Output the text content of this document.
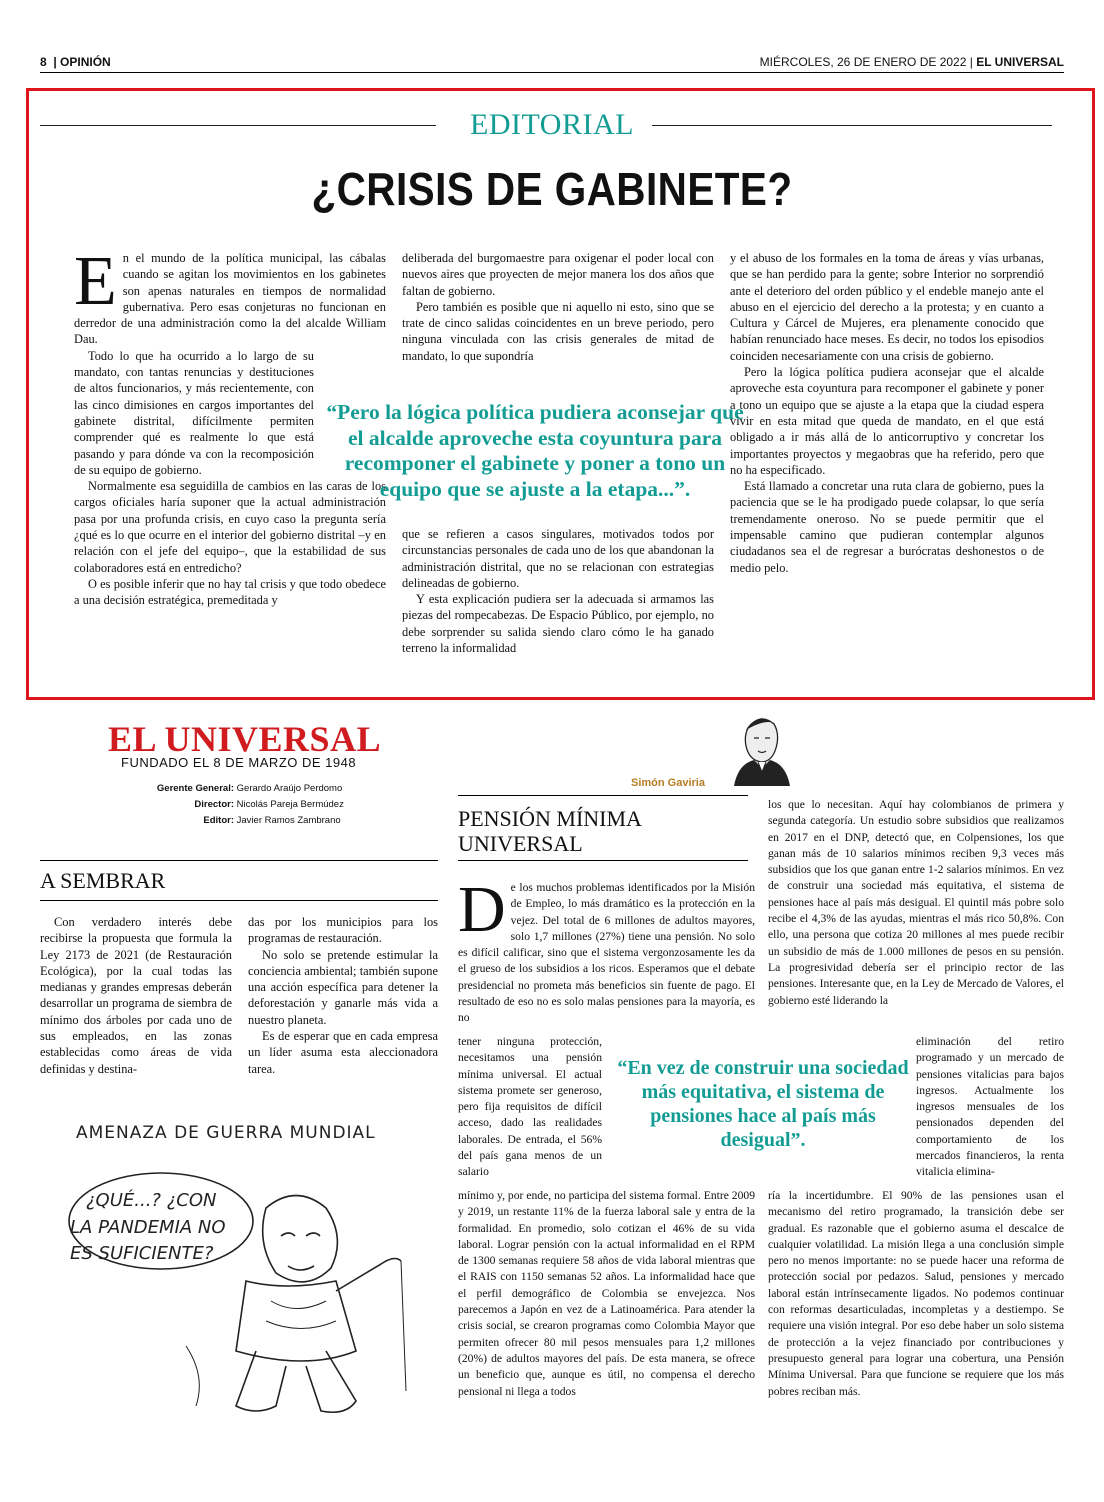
8  | OPINIÓN	MIÉRCOLES, 26 DE ENERO DE 2022 | EL UNIVERSAL
EDITORIAL
¿CRISIS DE GABINETE?

En el mundo de la política municipal, las cábalas cuando se agitan los movimientos en los gabinetes son apenas naturales en tiempos de normalidad gubernativa. Pero esas conjeturas no funcionan en derredor de una administración como la del alcalde William Dau.

Todo lo que ha ocurrido a lo largo de su mandato, con tantas renuncias y destituciones de altos funcionarios, y más recientemente, con las cinco dimisiones en cargos importantes del gabinete distrital, difícilmente permiten comprender qué es realmente lo que está pasando y para dónde va con la recomposición de su equipo de gobierno.

Normalmente esa seguidilla de cambios en las caras de los cargos oficiales haría suponer que la actual administración pasa por una profunda crisis, en cuyo caso la pregunta sería ¿qué es lo que ocurre en el interior del gobierno distrital –y en relación con el jefe del equipo–, que la estabilidad de sus colaboradores está en entredicho?

O es posible inferir que no hay tal crisis y que todo obedece a una decisión estratégica, premeditada y

deliberada del burgomaestre para oxigenar el poder local con nuevos aires que proyecten de mejor manera los dos años que faltan de gobierno.

Pero también es posible que ni aquello ni esto, sino que se trate de cinco salidas coincidentes en un breve periodo, pero ninguna vinculada con las crisis generales de mitad de mandato, lo que supondría

“Pero la lógica política pudiera aconsejar que el alcalde aproveche esta coyuntura para recomponer el gabinete y poner a tono un equipo que se ajuste a la etapa...”.

que se refieren a casos singulares, motivados todos por circunstancias personales de cada uno de los que abandonan la administración distrital, que no se relacionan con estrategias delineadas de gobierno.

Y esta explicación pudiera ser la adecuada si armamos las piezas del rompecabezas. De Espacio Público, por ejemplo, no debe sorprender su salida siendo claro cómo le ha ganado terreno la informalidad

y el abuso de los formales en la toma de áreas y vías urbanas, que se han perdido para la gente; sobre Interior no sorprendió ante el deterioro del orden público y el endeble manejo ante el abuso en el ejercicio del derecho a la protesta; y en cuanto a Cultura y Cárcel de Mujeres, era plenamente conocido que habían renunciado hace meses. Es decir, no todos los episodios coinciden necesariamente con una crisis de gobierno.

Pero la lógica política pudiera aconsejar que el alcalde aproveche esta coyuntura para recomponer el gabinete y poner a tono un equipo que se ajuste a la etapa que la ciudad espera vivir en esta mitad que queda de mandato, en el que está obligado a ir más allá de lo anticorruptivo y concretar los importantes proyectos y megaobras que ha referido, pero que no ha especificado.

Está llamado a concretar una ruta clara de gobierno, pues la paciencia que se le ha prodigado puede colapsar, lo que sería tremendamente oneroso. No se puede permitir que el impensable camino que pudieran contemplar algunos ciudadanos sea el de regresar a burócratas deshonestos o de medio pelo.

EL UNIVERSAL
FUNDADO EL 8 DE MARZO DE 1948
Gerente General: Gerardo Araújo Perdomo
Director: Nicolás Pareja Bermúdez
Editor: Javier Ramos Zambrano
A SEMBRAR

Con verdadero interés debe recibirse la propuesta que formula la Ley 2173 de 2021 (de Restauración Ecológica), por la cual todas las medianas y grandes empresas deberán desarrollar un programa de siembra de mínimo dos árboles por cada uno de sus empleados, en las zonas establecidas como áreas de vida definidas y destina-

das por los municipios para los programas de restauración.

No solo se pretende estimular la conciencia ambiental; también supone una acción específica para detener la deforestación y ganarle más vida a nuestro planeta.

Es de esperar que en cada empresa un líder asuma esta aleccionadora tarea.

AMENAZA DE GUERRA MUNDIAL
¿QUÉ...? ¿CON
LA PANDEMIA NO
ES SUFICIENTE?
Simón Gaviria
PENSIÓN MÍNIMA
UNIVERSAL

De los muchos problemas identificados por la Misión de Empleo, lo más dramático es la protección en la vejez. Del total de 6 millones de adultos mayores, solo 1,7 millones (27%) tiene una pensión. No solo es difícil calificar, sino que el sistema vergonzosamente les da el grueso de los subsidios a los ricos. Esperamos que el debate presidencial no prometa más beneficios sin fuente de pago. El resultado de eso no es solo malas pensiones para la mayoría, es no

tener ninguna protección, necesitamos una pensión mínima universal. El actual sistema promete ser generoso, pero fija requisitos de difícil acceso, dado las realidades laborales. De entrada, el 56% del país gana menos de un salario

“En vez de construir una sociedad más equitativa, el sistema de pensiones hace al país más desigual”.

mínimo y, por ende, no participa del sistema formal. Entre 2009 y 2019, un restante 11% de la fuerza laboral sale y entra de la formalidad. En promedio, solo cotizan el 46% de su vida laboral. Lograr pensión con la actual informalidad en el RPM de 1300 semanas requiere 58 años de vida laboral mientras que el RAIS con 1150 semanas 52 años. La informalidad hace que el perfil demográfico de Colombia se envejezca. Nos parecemos a Japón en vez de a Latinoamérica. Para atender la crisis social, se crearon programas como Colombia Mayor que permiten ofrecer 80 mil pesos mensuales para 1,2 millones (20%) de adultos mayores del país. De esta manera, se ofrece un beneficio que, aunque es útil, no compensa el derecho pensional ni llega a todos

los que lo necesitan. Aquí hay colombianos de primera y segunda categoría. Un estudio sobre subsidios que realizamos en 2017 en el DNP, detectó que, en Colpensiones, los que ganan más de 10 salarios mínimos reciben 9,3 veces más subsidios que los que ganan entre 1-2 salarios mínimos. En vez de construir una sociedad más equitativa, el sistema de pensiones hace al país más desigual. El quintil más pobre solo recibe el 4,3% de las ayudas, mientras el más rico 50,8%. Con ello, una persona que cotiza 20 millones al mes puede recibir un subsidio de más de 1.000 millones de pesos en su pensión. La progresividad debería ser el principio rector de las pensiones. Interesante que, en la Ley de Mercado de Valores, el gobierno esté liderando la

eliminación del retiro programado y un mercado de pensiones vitalicias para bajos ingresos. Actualmente los ingresos mensuales de los pensionados dependen del comportamiento de los mercados financieros, la renta vitalicia elimina-

ría la incertidumbre. El 90% de las pensiones usan el mecanismo del retiro programado, la transición debe ser gradual. Es razonable que el gobierno asuma el descalce de cualquier volatilidad. La misión llega a una conclusión simple pero no menos importante: no se puede hacer una reforma de protección social por pedazos. Salud, pensiones y mercado laboral están intrínsecamente ligados. No podemos continuar con reformas desarticuladas, incompletas y a destiempo. Se requiere una visión integral. Por eso debe haber un solo sistema de protección a la vejez financiado por contribuciones y presupuesto general para lograr una cobertura, una Pensión Mínima Universal. Para que funcione se requiere que los más pobres reciban más.
